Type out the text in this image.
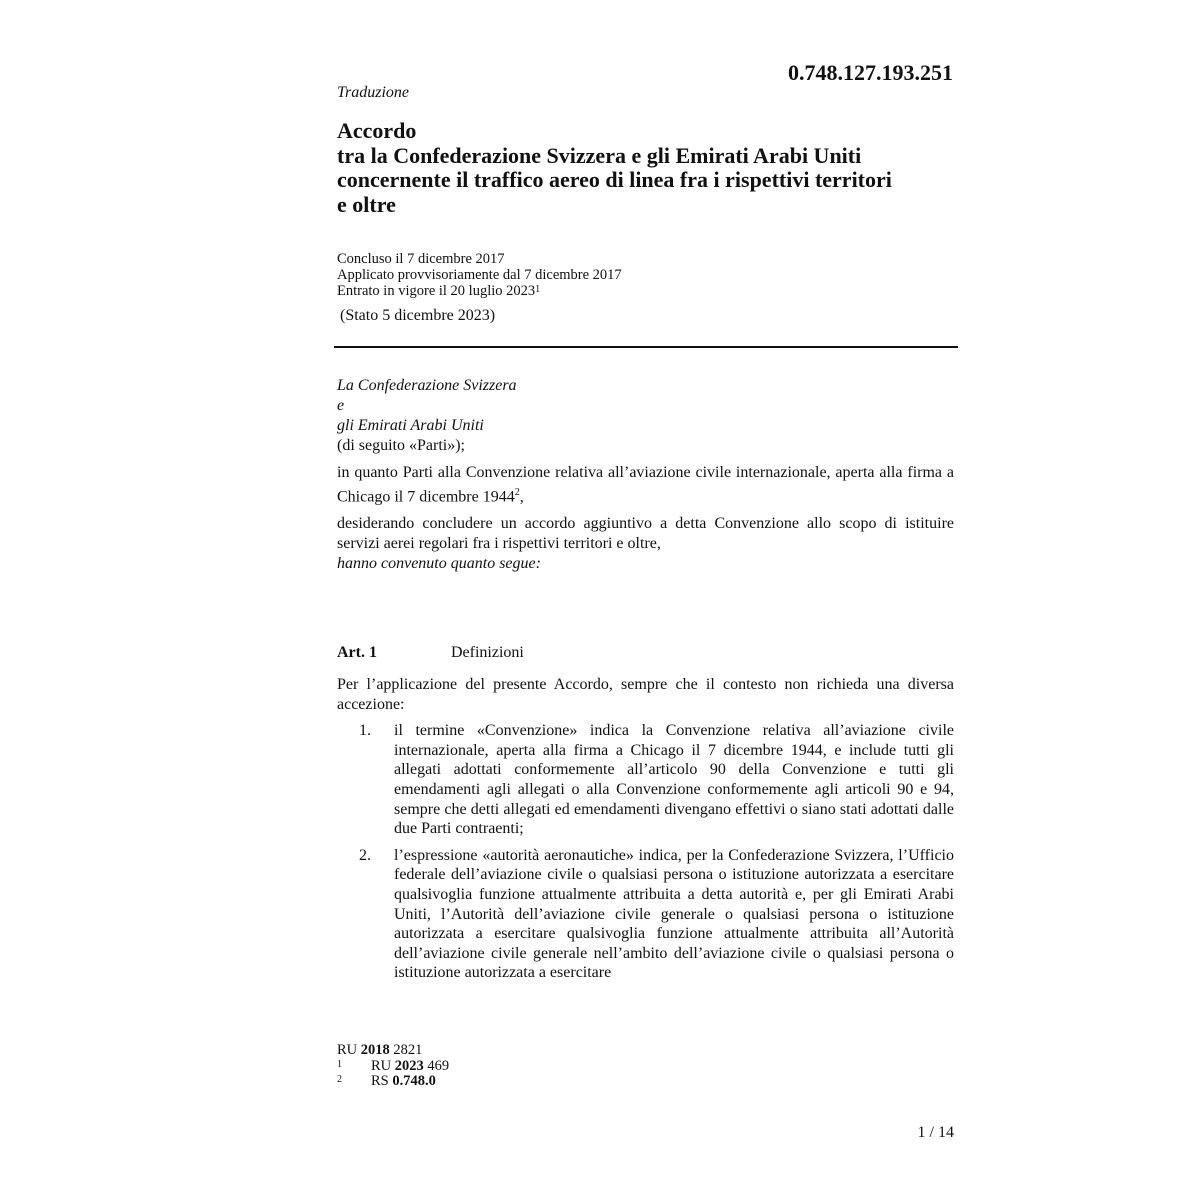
0.748.127.193.251
Traduzione
Accordo
tra la Confederazione Svizzera e gli Emirati Arabi Uniti
concernente il traffico aereo di linea fra i rispettivi territori
e oltre
Concluso il 7 dicembre 2017
Applicato provvisoriamente dal 7 dicembre 2017
Entrato in vigore il 20 luglio 2023$^1$
(Stato 5 dicembre 2023)

La Confederazione Svizzera

e

gli Emirati Arabi Uniti

(di seguito «Parti»);

in quanto Parti alla Convenzione relativa all’aviazione civile internazionale, aperta alla firma a Chicago il 7 dicembre 1944$^2$,

desiderando concludere un accordo aggiuntivo a detta Convenzione allo scopo di istituire servizi aerei regolari fra i rispettivi territori e oltre,

hanno convenuto quanto segue:

Art. 1	Definizioni

Per l’applicazione del presente Accordo, sempre che il contesto non richieda una diversa accezione:

1. il termine «Convenzione» indica la Convenzione relativa all’aviazione civile internazionale, aperta alla firma a Chicago il 7 dicembre 1944, e include tutti gli allegati adottati conformemente all’articolo 90 della Convenzione e tutti gli emendamenti agli allegati o alla Convenzione conformemente agli articoli 90 e 94, sempre che detti allegati ed emendamenti divengano effettivi o siano stati adottati dalle due Parti contraenti;
2. l’espressione «autorità aeronautiche» indica, per la Confederazione Svizzera, l’Ufficio federale dell’aviazione civile o qualsiasi persona o istituzione autorizzata a esercitare qualsivoglia funzione attualmente attribuita a detta autorità e, per gli Emirati Arabi Uniti, l’Autorità dell’aviazione civile generale o qualsiasi persona o istituzione autorizzata a esercitare qualsivoglia funzione attualmente attribuita all’Autorità dell’aviazione civile generale nell’ambito dell’aviazione civile o qualsiasi persona o istituzione autorizzata a esercitare
RU 2018 2821
1 RU 2023 469
2 RS 0.748.0
1 / 14
